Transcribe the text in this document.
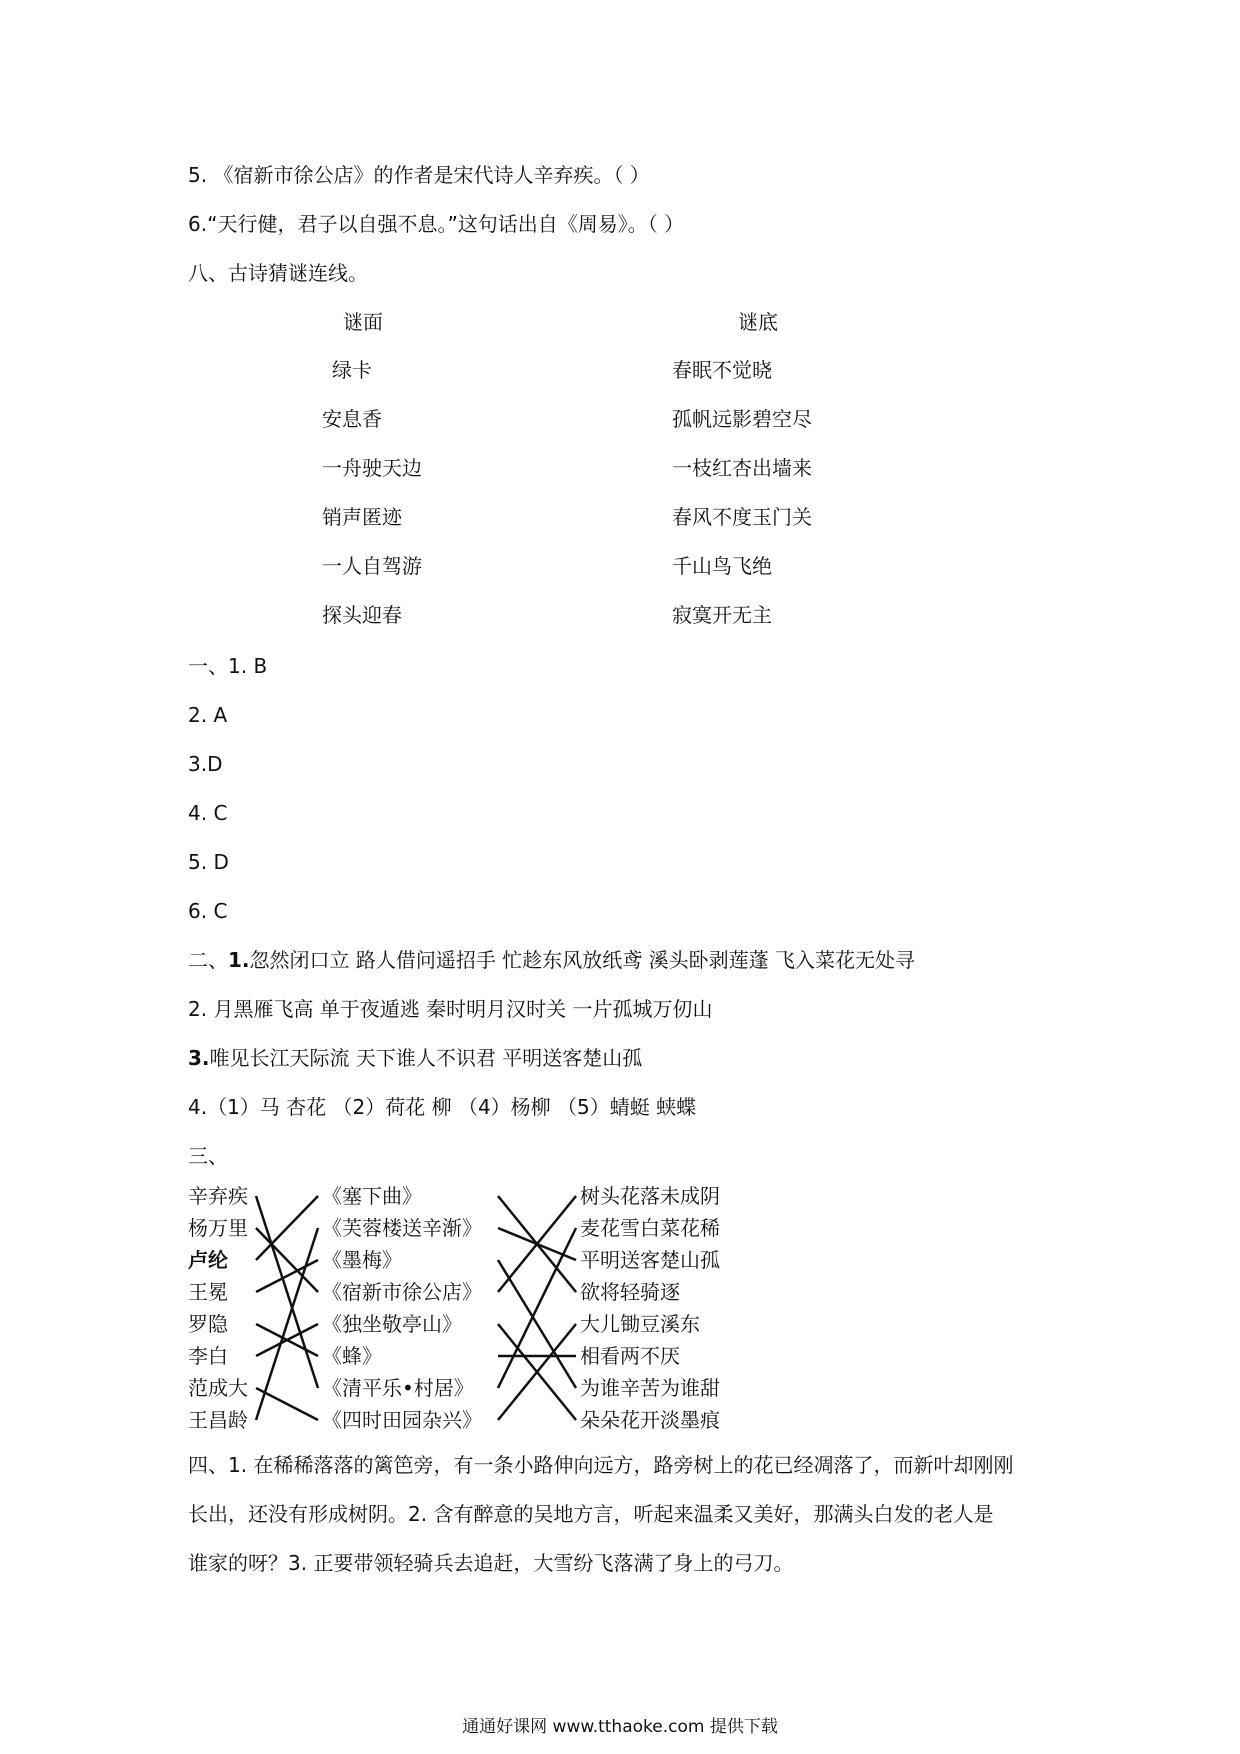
5. 《宿新市徐公店》的作者是宋代诗人辛弃疾。（ ）
6.“天行健，君子以自强不息。”这句话出自《周易》。（ ）
八、古诗猜谜连线。
谜面	谜底
绿卡
安息香
一舟驶天边
销声匿迹
一人自驾游
探头迎春
春眠不觉晓
孤帆远影碧空尽
一枝红杏出墙来
春风不度玉门关
千山鸟飞绝
寂寞开无主
一、1. B
2. A
3.D
4. C
5. D
6. C
二、1.忽然闭口立 路人借问遥招手 忙趁东风放纸鸢 溪头卧剥莲蓬 飞入菜花无处寻
2. 月黑雁飞高 单于夜遁逃 秦时明月汉时关 一片孤城万仞山
3.唯见长江天际流 天下谁人不识君 平明送客楚山孤
4.（1）马 杏花 （2）荷花 柳 （4）杨柳 （5）蜻蜓 蛱蝶
三、
辛弃疾
杨万里
卢纶
王冕
罗隐
李白
范成大
王昌龄
《塞下曲》
《芙蓉楼送辛渐》
《墨梅》
《宿新市徐公店》
《独坐敬亭山》
《蜂》
《清平乐•村居》
《四时田园杂兴》
树头花落未成阴
麦花雪白菜花稀
平明送客楚山孤
欲将轻骑逐
大儿锄豆溪东
相看两不厌
为谁辛苦为谁甜
朵朵花开淡墨痕
四、1. 在稀稀落落的篱笆旁，有一条小路伸向远方，路旁树上的花已经凋落了，而新叶却刚刚
长出，还没有形成树阴。2. 含有醉意的吴地方言，听起来温柔又美好，那满头白发的老人是
谁家的呀？3. 正要带领轻骑兵去追赶，大雪纷飞落满了身上的弓刀。
通通好课网 www.tthaoke.com 提供下载
